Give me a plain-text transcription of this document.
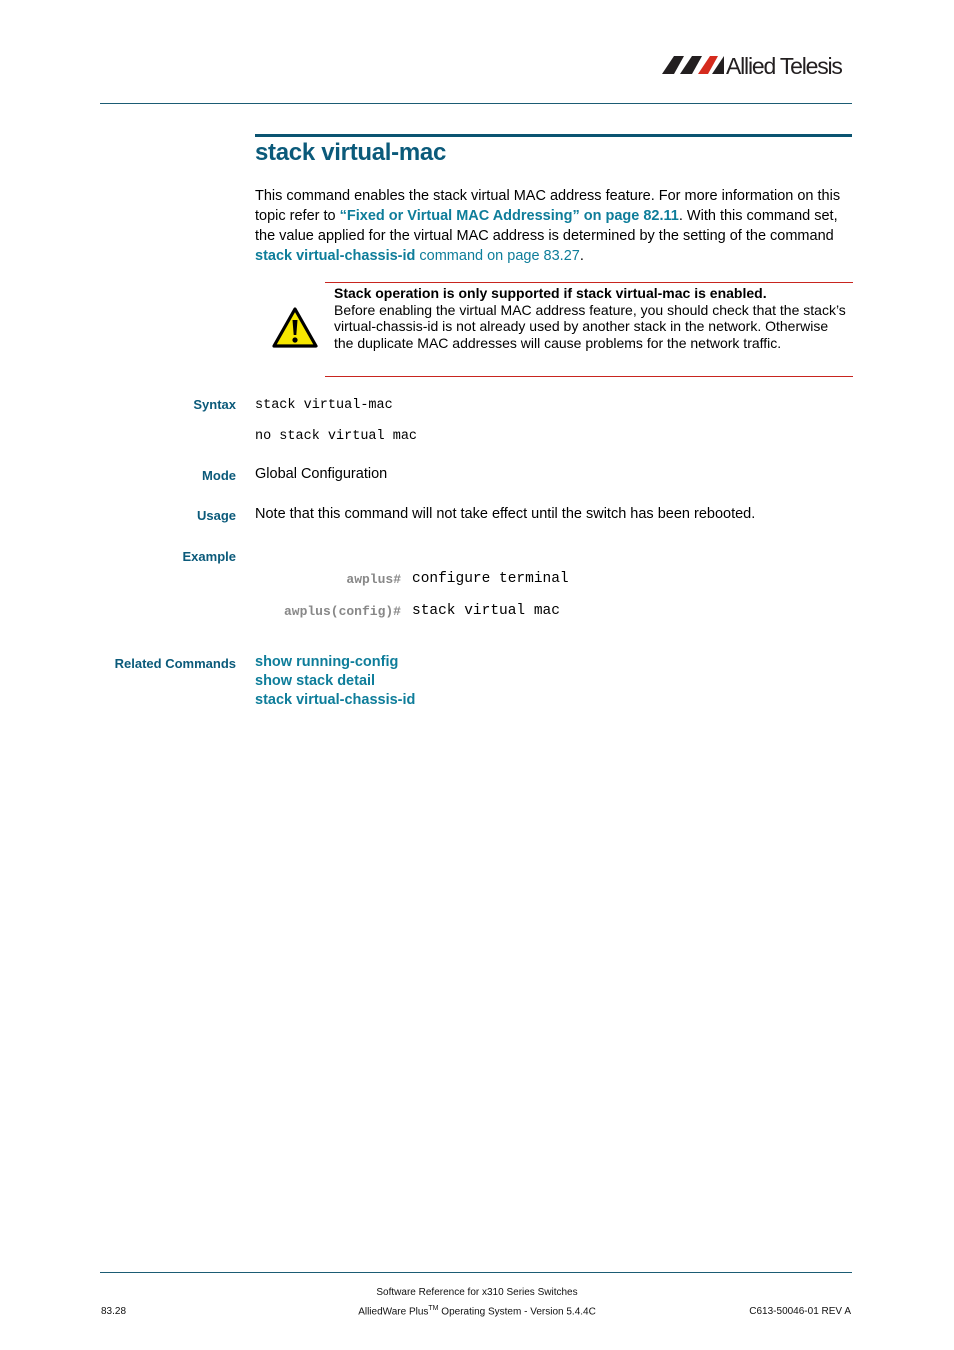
Allied Telesis
stack virtual-mac
This command enables the stack virtual MAC address feature. For more information on this topic refer to “Fixed or Virtual MAC Addressing” on page 82.11. With this command set, the value applied for the virtual MAC address is determined by the setting of the command stack virtual-chassis-id command on page 83.27.
Stack operation is only supported if stack virtual-mac is enabled.
Before enabling the virtual MAC address feature, you should check that the stack’s virtual-chassis-id is not already used by another stack in the network. Otherwise the duplicate MAC addresses will cause problems for the network traffic.
Syntax stack virtual-mac
no stack virtual mac
Mode Global Configuration
Usage Note that this command will not take effect until the switch has been rebooted.
Example
awplus# configure terminal
awplus(config)# stack virtual mac
Related Commands show running-config
show stack detail
stack virtual-chassis-id
Software Reference for x310 Series Switches
AlliedWare Plus™ Operating System - Version 5.4.4C
83.28	C613-50046-01 REV A
